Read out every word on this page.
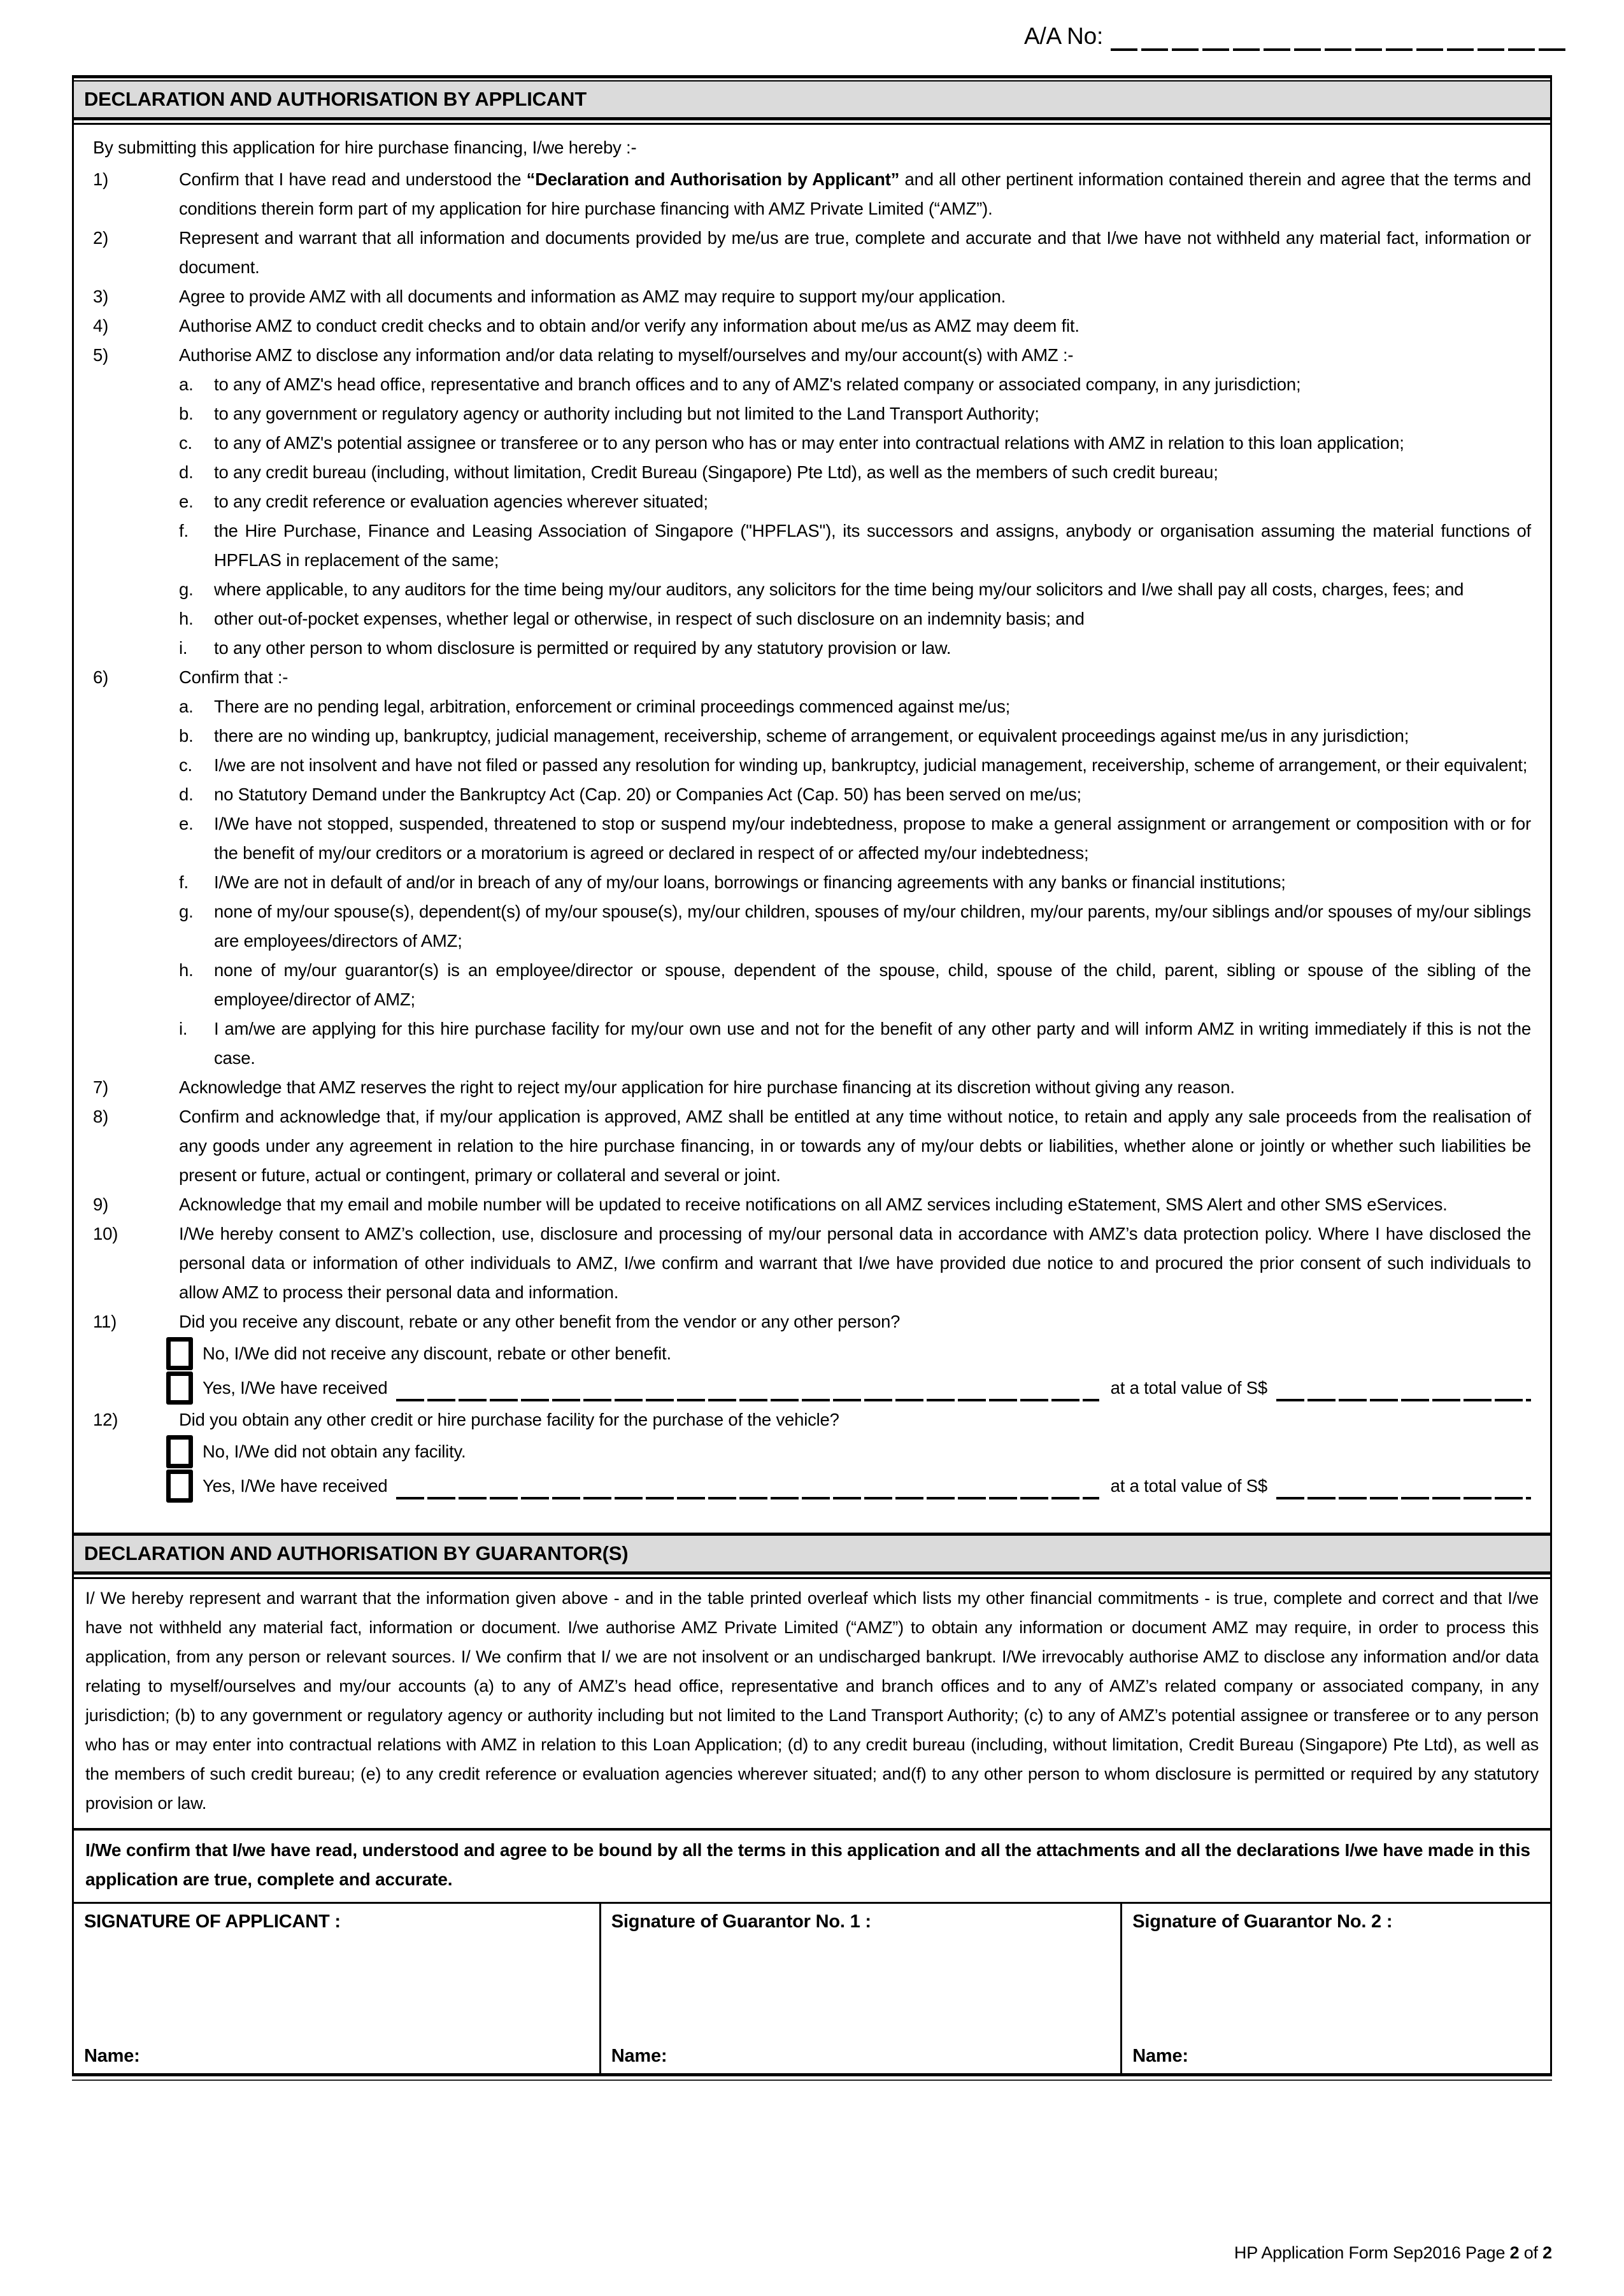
A/A No:
DECLARATION AND AUTHORISATION BY APPLICANT

By submitting this application for hire purchase financing, I/we hereby :-

1)	Confirm that I have read and understood the “Declaration and Authorisation by Applicant” and all other pertinent information contained therein and agree that the terms and conditions therein form part of my application for hire purchase financing with AMZ Private Limited (“AMZ”).
2)	Represent and warrant that all information and documents provided by me/us are true, complete and accurate and that I/we have not withheld any material fact, information or document.
3)	Agree to provide AMZ with all documents and information as AMZ may require to support my/our application.
4)	Authorise AMZ to conduct credit checks and to obtain and/or verify any information about me/us as AMZ may deem fit.
5)	Authorise AMZ to disclose any information and/or data relating to myself/ourselves and my/our account(s) with AMZ :-
a.	to any of AMZ's head office, representative and branch offices and to any of AMZ's related company or associated company, in any jurisdiction;
b.	to any government or regulatory agency or authority including but not limited to the Land Transport Authority;
c.	to any of AMZ's potential assignee or transferee or to any person who has or may enter into contractual relations with AMZ in relation to this loan application;
d.	to any credit bureau (including, without limitation, Credit Bureau (Singapore) Pte Ltd), as well as the members of such credit bureau;
e.	to any credit reference or evaluation agencies wherever situated;
f.	the Hire Purchase, Finance and Leasing Association of Singapore ("HPFLAS"), its successors and assigns, anybody or organisation assuming the material functions of HPFLAS in replacement of the same;
g.	where applicable, to any auditors for the time being my/our auditors, any solicitors for the time being my/our solicitors and I/we shall pay all costs, charges, fees; and
h.	other out-of-pocket expenses, whether legal or otherwise, in respect of such disclosure on an indemnity basis; and
i.	to any other person to whom disclosure is permitted or required by any statutory provision or law.
6)	Confirm that :-
a.	There are no pending legal, arbitration, enforcement or criminal proceedings commenced against me/us;
b.	there are no winding up, bankruptcy, judicial management, receivership, scheme of arrangement, or equivalent proceedings against me/us in any jurisdiction;
c.	I/we are not insolvent and have not filed or passed any resolution for winding up, bankruptcy, judicial management, receivership, scheme of arrangement, or their equivalent;
d.	no Statutory Demand under the Bankruptcy Act (Cap. 20) or Companies Act (Cap. 50) has been served on me/us;
e.	I/We have not stopped, suspended, threatened to stop or suspend my/our indebtedness, propose to make a general assignment or arrangement or composition with or for the benefit of my/our creditors or a moratorium is agreed or declared in respect of or affected my/our indebtedness;
f.	I/We are not in default of and/or in breach of any of my/our loans, borrowings or financing agreements with any banks or financial institutions;
g.	none of my/our spouse(s), dependent(s) of my/our spouse(s), my/our children, spouses of my/our children, my/our parents, my/our siblings and/or spouses of my/our siblings are employees/directors of AMZ;
h.	none of my/our guarantor(s) is an employee/director or spouse, dependent of the spouse, child, spouse of the child, parent, sibling or spouse of the sibling of the employee/director of AMZ;
i.	I am/we are applying for this hire purchase facility for my/our own use and not for the benefit of any other party and will inform AMZ in writing immediately if this is not the case.
7)	Acknowledge that AMZ reserves the right to reject my/our application for hire purchase financing at its discretion without giving any reason.
8)	Confirm and acknowledge that, if my/our application is approved, AMZ shall be entitled at any time without notice, to retain and apply any sale proceeds from the realisation of any goods under any agreement in relation to the hire purchase financing, in or towards any of my/our debts or liabilities, whether alone or jointly or whether such liabilities be present or future, actual or contingent, primary or collateral and several or joint.
9)	Acknowledge that my email and mobile number will be updated to receive notifications on all AMZ services including eStatement, SMS Alert and other SMS eServices.
10)	I/We hereby consent to AMZ’s collection, use, disclosure and processing of my/our personal data in accordance with AMZ’s data protection policy. Where I have disclosed the personal data or information of other individuals to AMZ, I/we confirm and warrant that I/we have provided due notice to and procured the prior consent of such individuals to allow AMZ to process their personal data and information.
11)	Did you receive any discount, rebate or any other benefit from the vendor or any other person?
No, I/We did not receive any discount, rebate or other benefit.
Yes, I/We have received	at a total value of S$
12)	Did you obtain any other credit or hire purchase facility for the purchase of the vehicle?
No, I/We did not obtain any facility.
Yes, I/We have received	at a total value of S$
DECLARATION AND AUTHORISATION BY GUARANTOR(S)
I/ We hereby represent and warrant that the information given above - and in the table printed overleaf which lists my other financial commitments - is true, complete and correct and that I/we have not withheld any material fact, information or document. I/we authorise AMZ Private Limited (“AMZ”) to obtain any information or document AMZ may require, in order to process this application, from any person or relevant sources. I/ We confirm that I/ we are not insolvent or an undischarged bankrupt. I/We irrevocably authorise AMZ to disclose any information and/or data relating to myself/ourselves and my/our accounts (a) to any of AMZ’s head office, representative and branch offices and to any of AMZ’s related company or associated company, in any jurisdiction; (b) to any government or regulatory agency or authority including but not limited to the Land Transport Authority; (c) to any of AMZ’s potential assignee or transferee or to any person who has or may enter into contractual relations with AMZ in relation to this Loan Application; (d) to any credit bureau (including, without limitation, Credit Bureau (Singapore) Pte Ltd), as well as the members of such credit bureau; (e) to any credit reference or evaluation agencies wherever situated; and(f) to any other person to whom disclosure is permitted or required by any statutory provision or law.
I/We confirm that I/we have read, understood and agree to be bound by all the terms in this application and all the attachments and all the declarations I/we have made in this application are true, complete and accurate.
SIGNATURE OF APPLICANT :
Name:
Signature of Guarantor No. 1 :
Name:
Signature of Guarantor No. 2 :
Name:
HP Application Form Sep2016 Page 2 of 2
